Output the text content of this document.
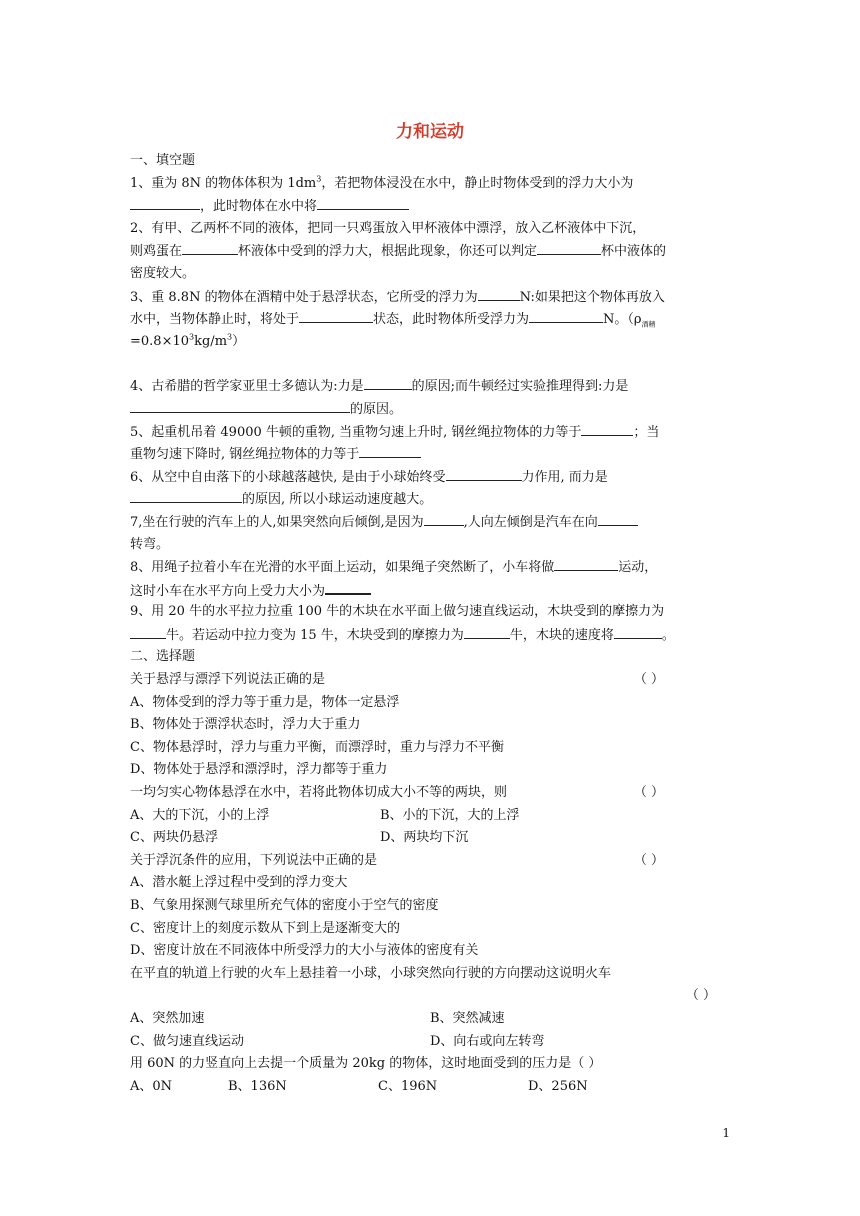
力和运动
一、填空题
1、重为 8N 的物体体积为 $1dm^3$，若把物体浸没在水中，静止时物体受到的浮力大小为
，此时物体在水中将
2、有甲、乙两杯不同的液体，把同一只鸡蛋放入甲杯液体中漂浮，放入乙杯液体中下沉，
则鸡蛋在	杯液体中受到的浮力大，根据此现象，你还可以判定	杯中液体的
密度较大。
3、重 8.8N 的物体在酒精中处于悬浮状态，它所受的浮力为	N:如果把这个物体再放入
水中，当物体静止时，将处于	状态，此时物体所受浮力为	N。（$\rho_{酒精}$
$=0.8\times 10^3kg/m^3$）
4、古希腊的哲学家亚里士多德认为:力是	的原因;而牛顿经过实验推理得到:力是
的原因。
5、起重机吊着 49000 牛顿的重物, 当重物匀速上升时, 钢丝绳拉物体的力等于	；当
重物匀速下降时, 钢丝绳拉物体的力等于
6、从空中自由落下的小球越落越快, 是由于小球始终受	力作用, 而力是
的原因, 所以小球运动速度越大。
7,坐在行驶的汽车上的人,如果突然向后倾倒,是因为	,人向左倾倒是汽车在向
转弯。
8、用绳子拉着小车在光滑的水平面上运动，如果绳子突然断了，小车将做	运动，
这时小车在水平方向上受力大小为
9、用 20 牛的水平拉力拉重 100 牛的木块在水平面上做匀速直线运动，木块受到的摩擦力为
牛。若运动中拉力变为 15 牛，木块受到的摩擦力为	牛，木块的速度将	。
二、选择题
关于悬浮与漂浮下列说法正确的是	（ ）
A、物体受到的浮力等于重力是，物体一定悬浮
B、物体处于漂浮状态时，浮力大于重力
C、物体悬浮时，浮力与重力平衡，而漂浮时，重力与浮力不平衡
D、物体处于悬浮和漂浮时，浮力都等于重力
一均匀实心物体悬浮在水中，若将此物体切成大小不等的两块，则	（ ）
A、大的下沉，小的上浮	B、小的下沉，大的上浮
C、两块仍悬浮	D、两块均下沉
关于浮沉条件的应用，下列说法中正确的是	（ ）
A、潜水艇上浮过程中受到的浮力变大
B、气象用探测气球里所充气体的密度小于空气的密度
C、密度计上的刻度示数从下到上是逐渐变大的
D、密度计放在不同液体中所受浮力的大小与液体的密度有关
在平直的轨道上行驶的火车上悬挂着一小球，小球突然向行驶的方向摆动这说明火车
（ ）
A、突然加速	B、突然减速
C、做匀速直线运动	D、向右或向左转弯
用 60N 的力竖直向上去提一个质量为 20kg 的物体，这时地面受到的压力是（ ）
A、0N	B、136N	C、196N	D、256N
1
